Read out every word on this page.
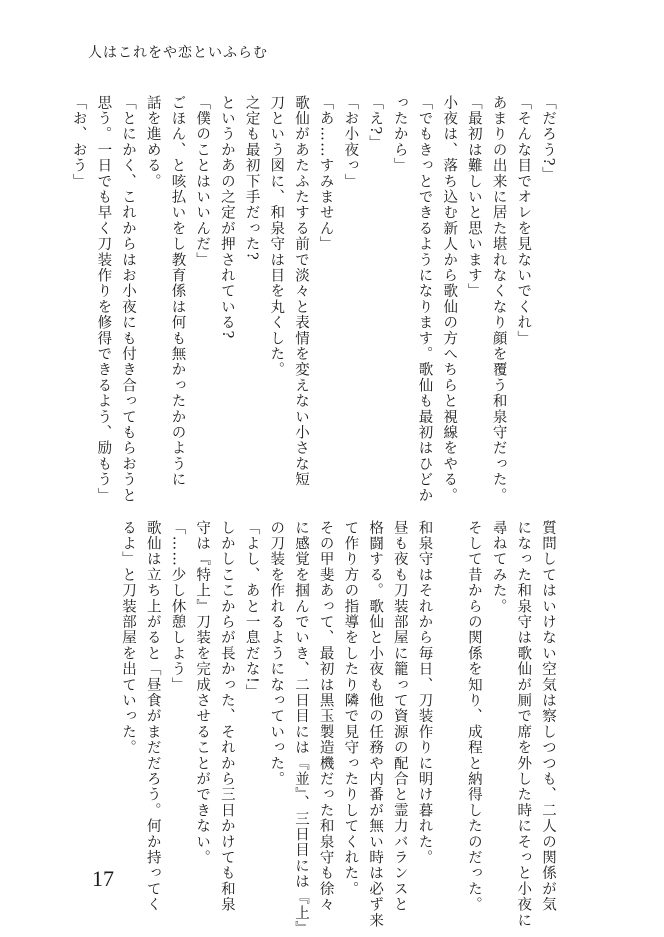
人はこれをや恋といふらむ
「だろう?」
「そんな目でオレを見ないでくれ」
あまりの出来に居た堪れなくなり顔を覆う和泉守だった。
「最初は難しいと思います」
小夜は、落ち込む新人から歌仙の方へちらと視線をやる。
「でもきっとできるようになります。歌仙も最初はひどか
ったから」
「え?」
「お小夜っ」
「あ……すみません」
歌仙があたふたする前で淡々と表情を変えない小さな短
刀という図に、和泉守は目を丸くした。
之定も最初下手だった?
というかあの之定が押されている?
「僕のことはいいんだ」
ごほん、と咳払いをし教育係は何も無かったかのように
話を進める。
「とにかく、これからはお小夜にも付き合ってもらおうと
思う。一日でも早く刀装作りを修得できるよう、励もう」
「お、おう」
質問してはいけない空気は察しつつも、二人の関係が気
になった和泉守は歌仙が厠で席を外した時にそっと小夜に
尋ねてみた。
そして昔からの関係を知り、成程と納得したのだった。

和泉守はそれから毎日、刀装作りに明け暮れた。
昼も夜も刀装部屋に籠って資源の配合と霊力バランスと
格闘する。歌仙と小夜も他の任務や内番が無い時は必ず来
て作り方の指導をしたり隣で見守ったりしてくれた。
その甲斐あって、最初は黒玉製造機だった和泉守も徐々
に感覚を掴んでいき、二日目には『並』、三日目には『上』
の刀装を作れるようになっていった。
「よし、あと一息だな!」
しかしここからが長かった、それから三日かけても和泉
守は『特上』刀装を完成させることができない。
「……少し休憩しよう」
歌仙は立ち上がると「昼食がまだだろう。何か持ってく
るよ」と刀装部屋を出ていった。
17
